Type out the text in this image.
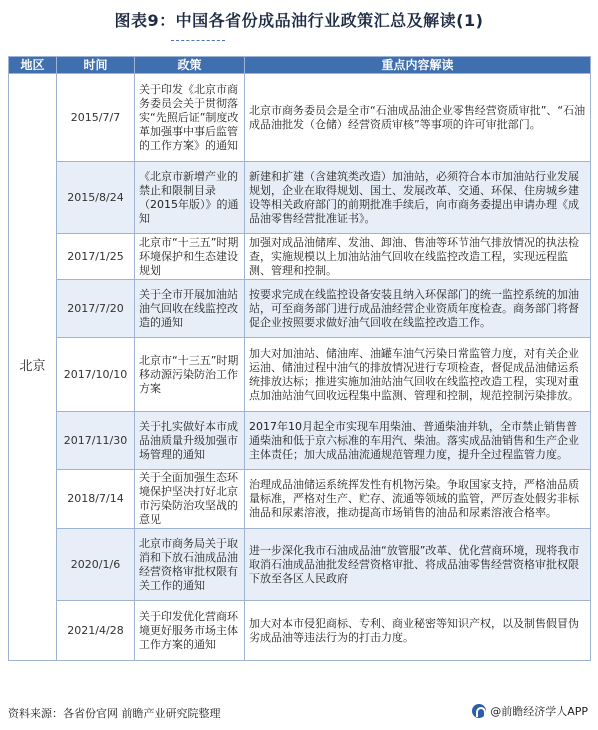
图表9：中国各省份成品油行业政策汇总及解读(1)
地区	时间	政策	重点内容解读
北京	2015/7/7	关于印发《北京市商务委员会关于贯彻落实“先照后证”制度改革加强事中事后监管的工作方案》的通知	北京市商务委员会是全市“石油成品油企业零售经营资质审批”、“石油成品油批发（仓储）经营资质审核”等事项的许可审批部门。
	2015/8/24	《北京市新增产业的禁止和限制目录（2015年版）》的通知	新建和扩建（含建筑类改造）加油站，必须符合本市加油站行业发展规划，企业在取得规划、国土、发展改革、交通、环保、住房城乡建设等相关政府部门的前期批准手续后，向市商务委提出申请办理《成品油零售经营批准证书》。
	2017/1/25	北京市“十三五”时期环境保护和生态建设规划	加强对成品油储库、发油、卸油、售油等环节油气排放情况的执法检查，实施规模以上加油站油气回收在线监控改造工程，实现远程监测、管理和控制。
	2017/7/20	关于全市开展加油站油气回收在线监控改造的通知	按要求完成在线监控设备安装且纳入环保部门的统一监控系统的加油站，可至商务部门进行成品油经营企业资质年度检查。商务部门将督促企业按照要求做好油气回收在线监控改造工作。
	2017/10/10	北京市“十三五”时期移动源污染防治工作方案	加大对加油站、储油库、油罐车油气污染日常监管力度，对有关企业运油、储油过程中油气的排放情况进行专项检查，督促成品油储运系统排放达标；推进实施加油站油气回收在线监控改造工程，实现对重点加油站油气回收远程集中监测、管理和控制，规范控制污染排放。
	2017/11/30	关于扎实做好本市成品油质量升级加强市场管理的通知	2017年10月起全市实现车用柴油、普通柴油并轨，全市禁止销售普通柴油和低于京六标准的车用汽、柴油。落实成品油销售和生产企业主体责任；加大成品油流通规范管理力度，提升全过程监管力度。
	2018/7/14	关于全面加强生态环境保护坚决打好北京市污染防治攻坚战的意见	治理成品油储运系统挥发性有机物污染。争取国家支持，严格油品质量标准，严格对生产、贮存、流通等领域的监管，严厉查处假劣非标油品和尿素溶液，推动提高市场销售的油品和尿素溶液合格率。
	2020/1/6	北京市商务局关于取消和下放石油成品油经营资格审批权限有关工作的通知	进一步深化我市石油成品油“放管服”改革、优化营商环境，现将我市取消石油成品油批发经营资格审批、将成品油零售经营资格审批权限下放至各区人民政府
	2021/4/28	关于印发优化营商环境更好服务市场主体工作方案的通知	加大对本市侵犯商标、专利、商业秘密等知识产权，以及制售假冒伪劣成品油等违法行为的打击力度。
资料来源：各省份官网 前瞻产业研究院整理	@前瞻经济学人APP
